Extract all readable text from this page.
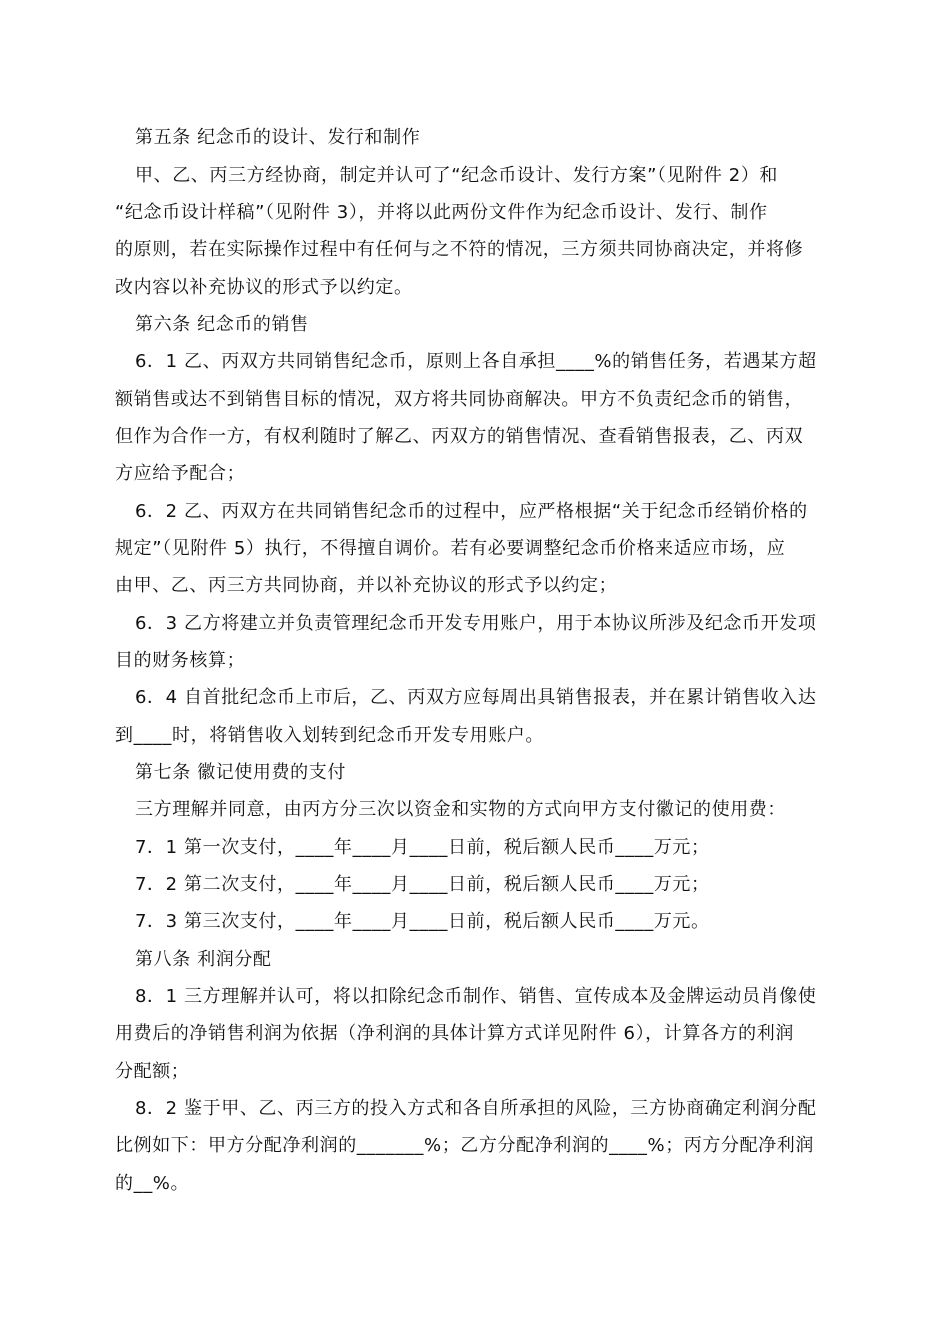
第五条 纪念币的设计、发行和制作
甲、乙、丙三方经协商，制定并认可了“纪念币设计、发行方案”（见附件 2）和
“纪念币设计样稿”（见附件 3），并将以此两份文件作为纪念币设计、发行、制作
的原则，若在实际操作过程中有任何与之不符的情况，三方须共同协商决定，并将修
改内容以补充协议的形式予以约定。
第六条 纪念币的销售
6．1 乙、丙双方共同销售纪念币，原则上各自承担____%的销售任务，若遇某方超
额销售或达不到销售目标的情况，双方将共同协商解决。甲方不负责纪念币的销售，
但作为合作一方，有权利随时了解乙、丙双方的销售情况、查看销售报表，乙、丙双
方应给予配合；
6．2 乙、丙双方在共同销售纪念币的过程中，应严格根据“关于纪念币经销价格的
规定”（见附件 5）执行，不得擅自调价。若有必要调整纪念币价格来适应市场，应
由甲、乙、丙三方共同协商，并以补充协议的形式予以约定；
6．3 乙方将建立并负责管理纪念币开发专用账户，用于本协议所涉及纪念币开发项
目的财务核算；
6．4 自首批纪念币上市后，乙、丙双方应每周出具销售报表，并在累计销售收入达
到____时，将销售收入划转到纪念币开发专用账户。
第七条 徽记使用费的支付
三方理解并同意，由丙方分三次以资金和实物的方式向甲方支付徽记的使用费：
7．1 第一次支付，____年____月____日前，税后额人民币____万元；
7．2 第二次支付，____年____月____日前，税后额人民币____万元；
7．3 第三次支付，____年____月____日前，税后额人民币____万元。
第八条 利润分配
8．1 三方理解并认可，将以扣除纪念币制作、销售、宣传成本及金牌运动员肖像使
用费后的净销售利润为依据（净利润的具体计算方式详见附件 6），计算各方的利润
分配额；
8．2 鉴于甲、乙、丙三方的投入方式和各自所承担的风险，三方协商确定利润分配
比例如下：甲方分配净利润的_______%；乙方分配净利润的____%；丙方分配净利润
的__%。
